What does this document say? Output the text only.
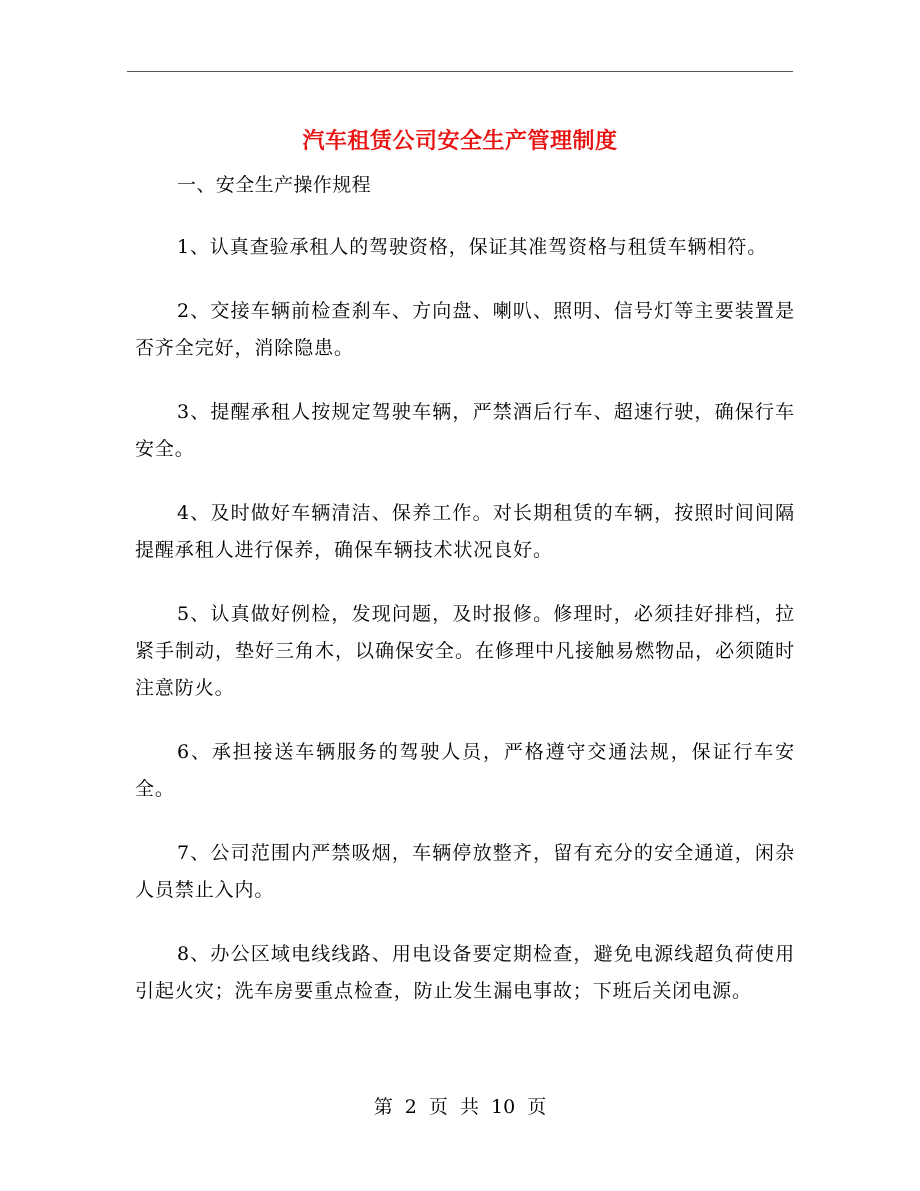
汽车租赁公司安全生产管理制度

一、安全生产操作规程

1、认真查验承租人的驾驶资格，保证其准驾资格与租赁车辆相符。

2、交接车辆前检查刹车、方向盘、喇叭、照明、信号灯等主要装置是否齐全完好，消除隐患。

3、提醒承租人按规定驾驶车辆，严禁酒后行车、超速行驶，确保行车安全。

4、及时做好车辆清洁、保养工作。对长期租赁的车辆，按照时间间隔提醒承租人进行保养，确保车辆技术状况良好。

5、认真做好例检，发现问题，及时报修。修理时，必须挂好排档，拉紧手制动，垫好三角木，以确保安全。在修理中凡接触易燃物品，必须随时注意防火。

6、承担接送车辆服务的驾驶人员，严格遵守交通法规，保证行车安全。

7、公司范围内严禁吸烟，车辆停放整齐，留有充分的安全通道，闲杂人员禁止入内。

8、办公区域电线线路、用电设备要定期检查，避免电源线超负荷使用引起火灾；洗车房要重点检查，防止发生漏电事故；下班后关闭电源。

第 2 页 共 10 页
